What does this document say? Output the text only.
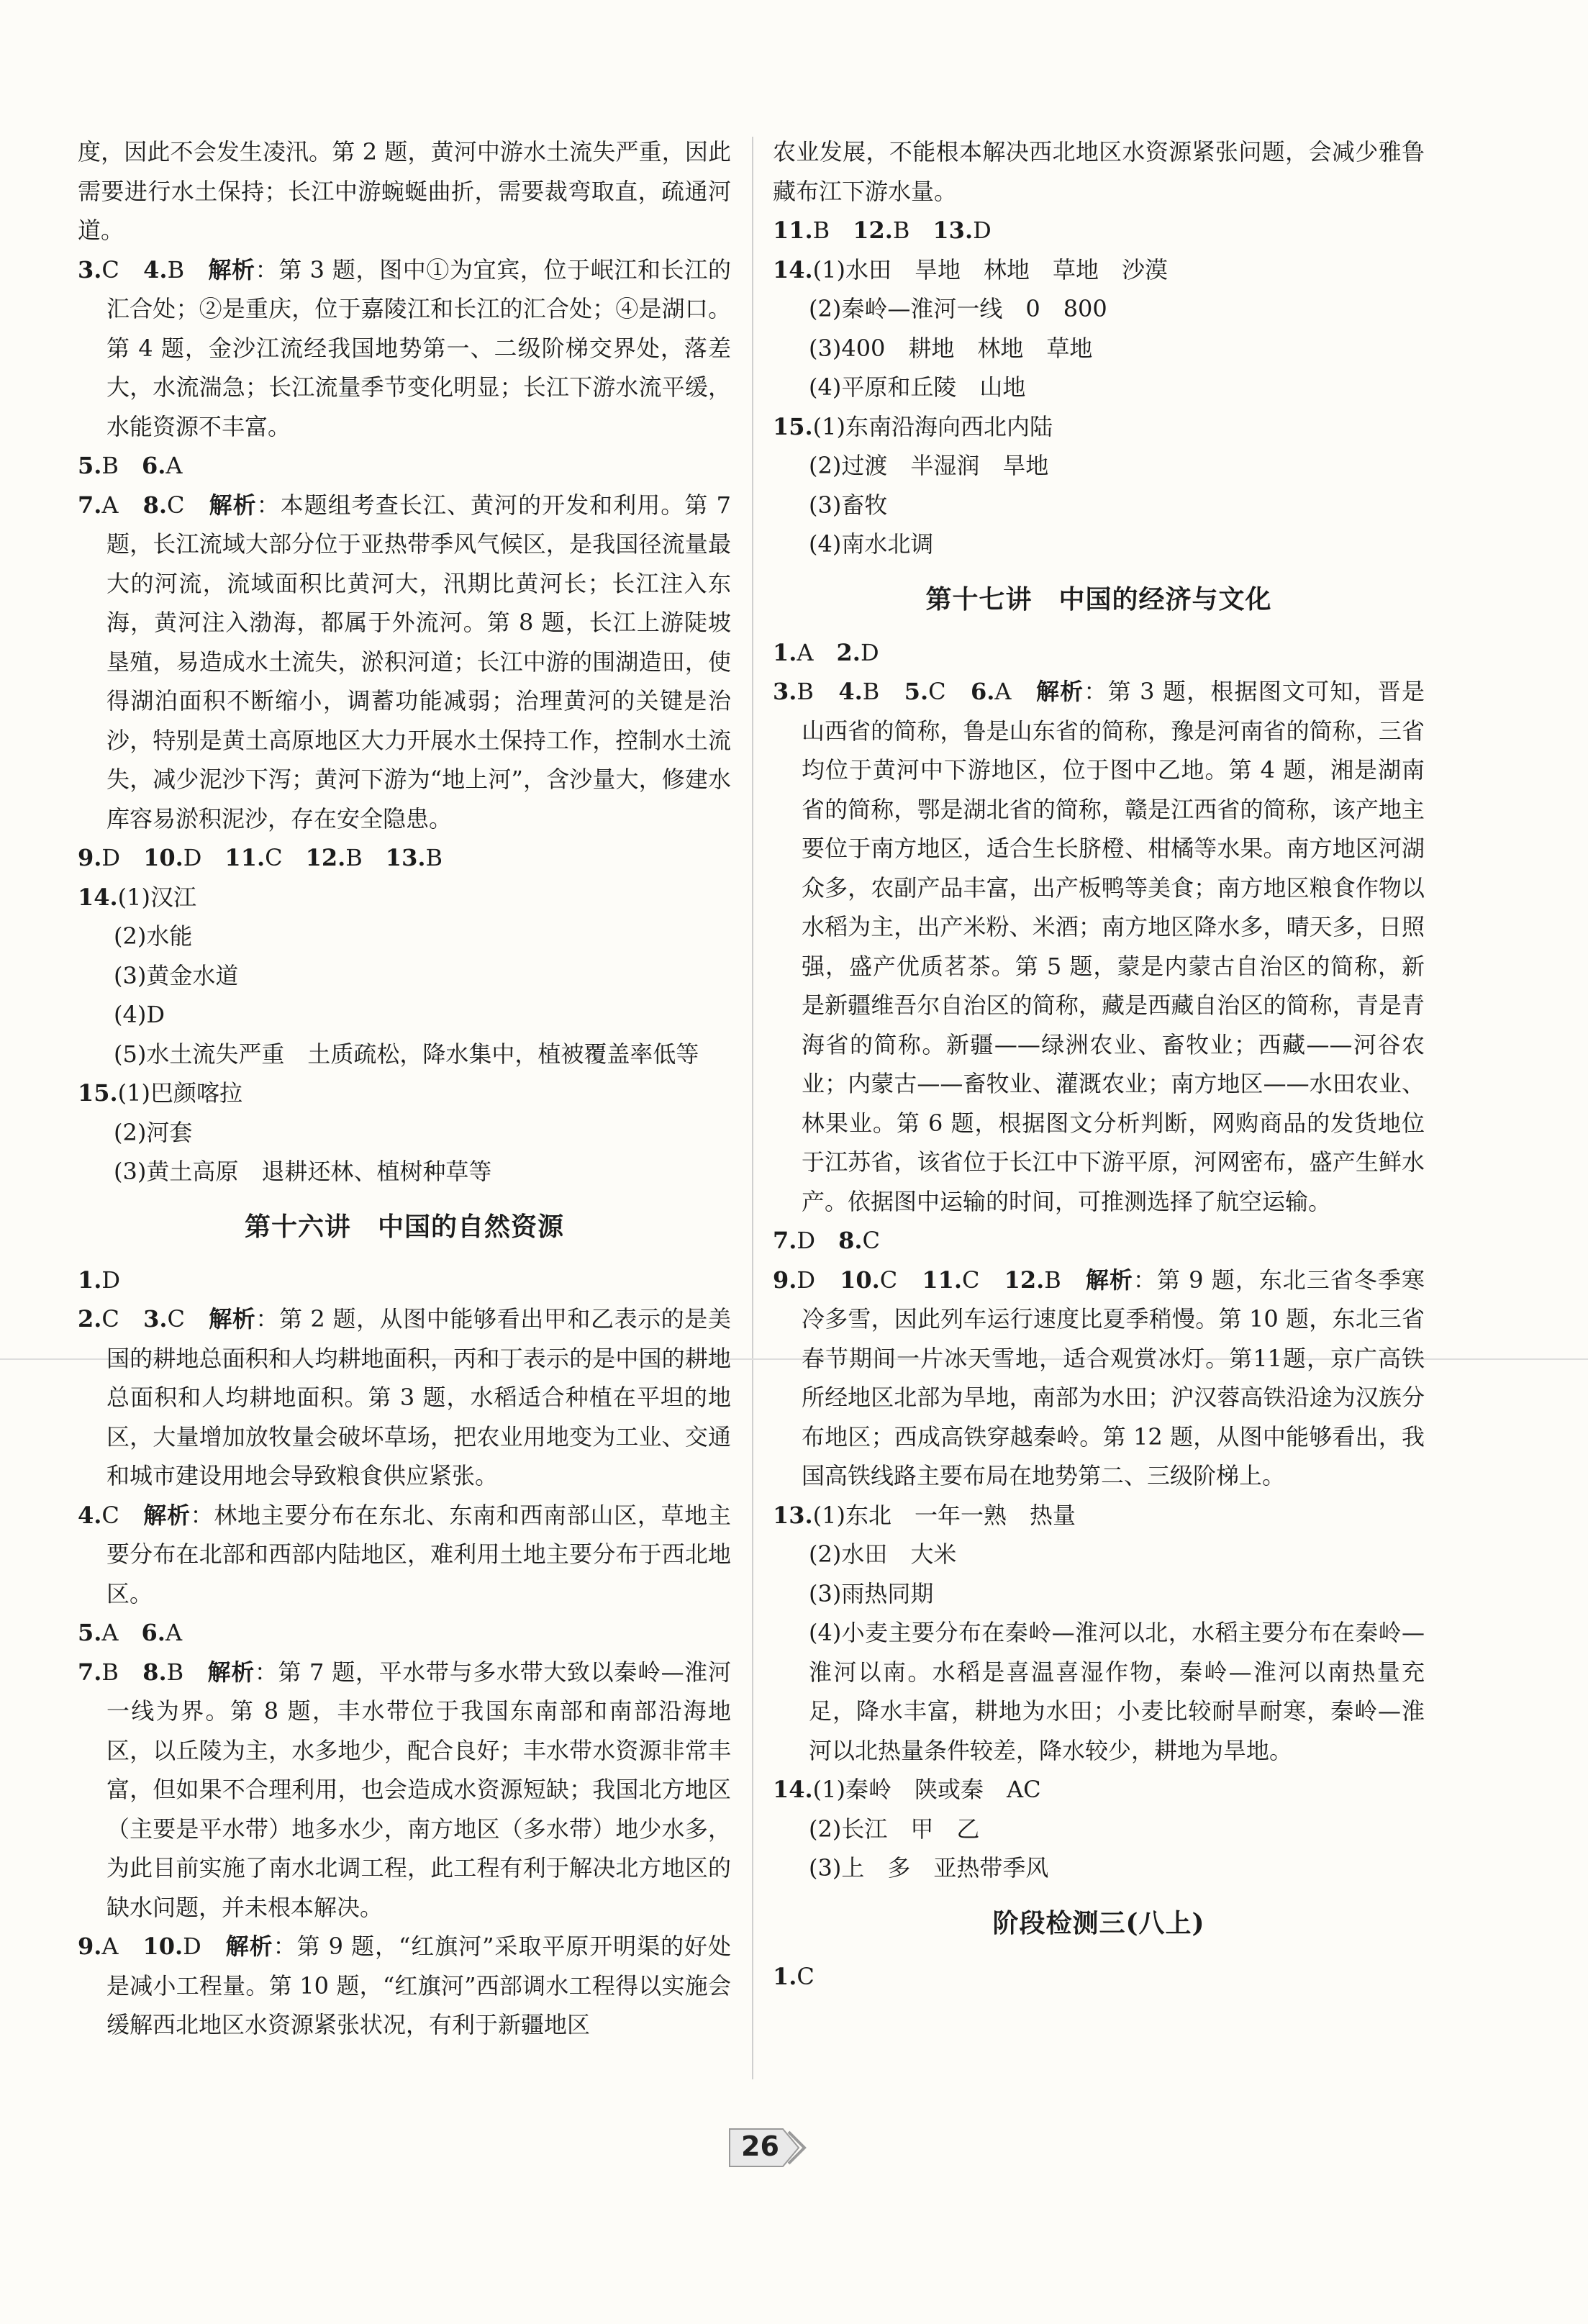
度，因此不会发生凌汛。第 2 题，黄河中游水土流失严重，因此需要进行水土保持；长江中游蜿蜒曲折，需要裁弯取直，疏通河道。

3.C　4.B　解析：第 3 题，图中①为宜宾，位于岷江和长江的汇合处；②是重庆，位于嘉陵江和长江的汇合处；④是湖口。第 4 题，金沙江流经我国地势第一、二级阶梯交界处，落差大，水流湍急；长江流量季节变化明显；长江下游水流平缓，水能资源不丰富。

5.B　6.A

7.A　8.C　解析：本题组考查长江、黄河的开发和利用。第 7 题，长江流域大部分位于亚热带季风气候区，是我国径流量最大的河流，流域面积比黄河大，汛期比黄河长；长江注入东海，黄河注入渤海，都属于外流河。第 8 题，长江上游陡坡垦殖，易造成水土流失，淤积河道；长江中游的围湖造田，使得湖泊面积不断缩小，调蓄功能减弱；治理黄河的关键是治沙，特别是黄土高原地区大力开展水土保持工作，控制水土流失，减少泥沙下泻；黄河下游为“地上河”，含沙量大，修建水库容易淤积泥沙，存在安全隐患。

9.D　10.D　11.C　12.B　13.B

14.(1)汉江

(2)水能

(3)黄金水道

(4)D

(5)水土流失严重　土质疏松，降水集中，植被覆盖率低等

15.(1)巴颜喀拉

(2)河套

(3)黄土高原　退耕还林、植树种草等

第十六讲　中国的自然资源

1.D

2.C　3.C　解析：第 2 题，从图中能够看出甲和乙表示的是美国的耕地总面积和人均耕地面积，丙和丁表示的是中国的耕地总面积和人均耕地面积。第 3 题，水稻适合种植在平坦的地区，大量增加放牧量会破坏草场，把农业用地变为工业、交通和城市建设用地会导致粮食供应紧张。

4.C　解析：林地主要分布在东北、东南和西南部山区，草地主要分布在北部和西部内陆地区，难利用土地主要分布于西北地区。

5.A　6.A

7.B　8.B　解析：第 7 题，平水带与多水带大致以秦岭—淮河一线为界。第 8 题，丰水带位于我国东南部和南部沿海地区，以丘陵为主，水多地少，配合良好；丰水带水资源非常丰富，但如果不合理利用，也会造成水资源短缺；我国北方地区（主要是平水带）地多水少，南方地区（多水带）地少水多，为此目前实施了南水北调工程，此工程有利于解决北方地区的缺水问题，并未根本解决。

9.A　10.D　解析：第 9 题，“红旗河”采取平原开明渠的好处是减小工程量。第 10 题，“红旗河”西部调水工程得以实施会缓解西北地区水资源紧张状况，有利于新疆地区

农业发展，不能根本解决西北地区水资源紧张问题，会减少雅鲁藏布江下游水量。

11.B　12.B　13.D

14.(1)水田　旱地　林地　草地　沙漠

(2)秦岭—淮河一线　0　800

(3)400　耕地　林地　草地

(4)平原和丘陵　山地

15.(1)东南沿海向西北内陆

(2)过渡　半湿润　旱地

(3)畜牧

(4)南水北调

第十七讲　中国的经济与文化

1.A　2.D

3.B　4.B　5.C　6.A　解析：第 3 题，根据图文可知，晋是山西省的简称，鲁是山东省的简称，豫是河南省的简称，三省均位于黄河中下游地区，位于图中乙地。第 4 题，湘是湖南省的简称，鄂是湖北省的简称，赣是江西省的简称，该产地主要位于南方地区，适合生长脐橙、柑橘等水果。南方地区河湖众多，农副产品丰富，出产板鸭等美食；南方地区粮食作物以水稻为主，出产米粉、米酒；南方地区降水多，晴天多，日照强，盛产优质茗茶。第 5 题，蒙是内蒙古自治区的简称，新是新疆维吾尔自治区的简称，藏是西藏自治区的简称，青是青海省的简称。新疆——绿洲农业、畜牧业；西藏——河谷农业；内蒙古——畜牧业、灌溉农业；南方地区——水田农业、林果业。第 6 题，根据图文分析判断，网购商品的发货地位于江苏省，该省位于长江中下游平原，河网密布，盛产生鲜水产。依据图中运输的时间，可推测选择了航空运输。

7.D　8.C

9.D　10.C　11.C　12.B　解析：第 9 题，东北三省冬季寒冷多雪，因此列车运行速度比夏季稍慢。第 10 题，东北三省春节期间一片冰天雪地，适合观赏冰灯。第11题，京广高铁所经地区北部为旱地，南部为水田；沪汉蓉高铁沿途为汉族分布地区；西成高铁穿越秦岭。第 12 题，从图中能够看出，我国高铁线路主要布局在地势第二、三级阶梯上。

13.(1)东北　一年一熟　热量

(2)水田　大米

(3)雨热同期

(4)小麦主要分布在秦岭—淮河以北，水稻主要分布在秦岭—淮河以南。水稻是喜温喜湿作物，秦岭—淮河以南热量充足，降水丰富，耕地为水田；小麦比较耐旱耐寒，秦岭—淮河以北热量条件较差，降水较少，耕地为旱地。

14.(1)秦岭　陕或秦　AC

(2)长江　甲　乙

(3)上　多　亚热带季风

阶段检测三(八上)

1.C

26
